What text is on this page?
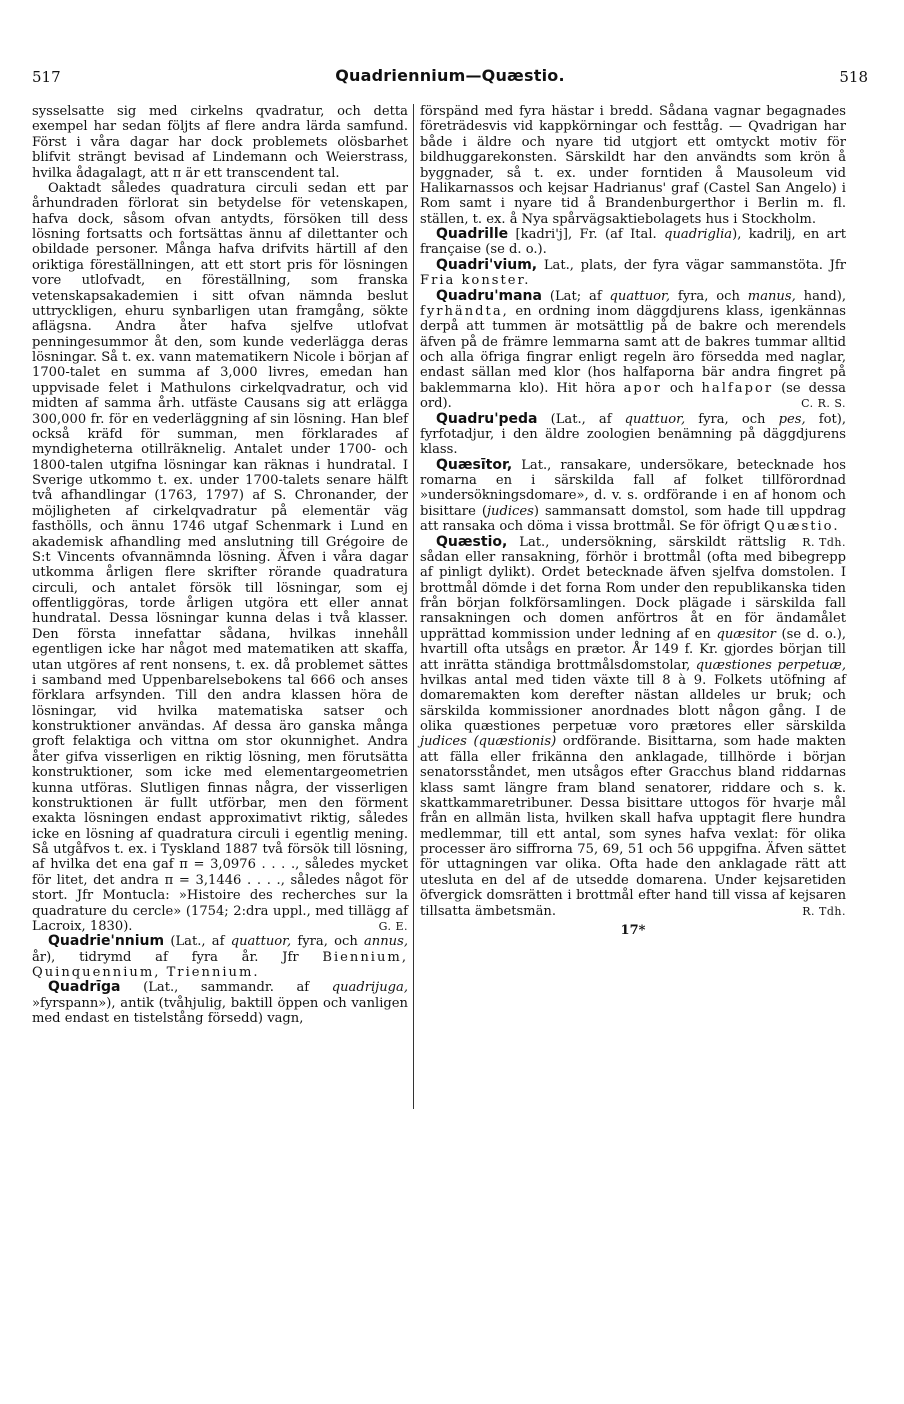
517	Quadriennium—Quæstio.	518

sysselsatte sig med cirkelns qvadratur, och detta exempel har sedan följts af flere andra lärda samfund. Först i våra dagar har dock problemets olösbarhet blifvit strängt bevisad af Lindemann och Weierstrass, hvilka ådagalagt, att π är ett transcendent tal.

Oaktadt således quadratura circuli sedan ett par århundraden förlorat sin betydelse för vetenskapen, hafva dock, såsom ofvan antydts, försöken till dess lösning fortsatts och fortsättas ännu af dilettanter och obildade personer. Många hafva drifvits härtill af den oriktiga föreställningen, att ett stort pris för lösningen vore utlofvadt, en föreställning, som franska vetenskapsakademien i sitt ofvan nämnda beslut uttryckligen, ehuru synbarligen utan framgång, sökte aflägsna. Andra åter hafva sjelfve utlofvat penningesummor åt den, som kunde vederlägga deras lösningar. Så t. ex. vann matematikern Nicole i början af 1700-talet en summa af 3,000 livres, emedan han uppvisade felet i Mathulons cirkelqvadratur, och vid midten af samma årh. utfäste Causans sig att erlägga 300,000 fr. för en vederläggning af sin lösning. Han blef också kräfd för summan, men förklarades af myndigheterna otillräknelig. Antalet under 1700- och 1800-talen utgifna lösningar kan räknas i hundratal. I Sverige utkommo t. ex. under 1700-talets senare hälft två afhandlingar (1763, 1797) af S. Chronander, der möjligheten af cirkelqvadratur på elementär väg fasthölls, och ännu 1746 utgaf Schenmark i Lund en akademisk afhandling med anslutning till Grégoire de S:t Vincents ofvannämnda lösning. Äfven i våra dagar utkomma årligen flere skrifter rörande quadratura circuli, och antalet försök till lösningar, som ej offentliggöras, torde årligen utgöra ett eller annat hundratal. Dessa lösningar kunna delas i två klasser. Den första innefattar sådana, hvilkas innehåll egentligen icke har något med matematiken att skaffa, utan utgöres af rent nonsens, t. ex. då problemet sättes i samband med Uppenbarelsebokens tal 666 och anses förklara arfsynden. Till den andra klassen höra de lösningar, vid hvilka matematiska satser och konstruktioner användas. Af dessa äro ganska många groft felaktiga och vittna om stor okunnighet. Andra åter gifva visserligen en riktig lösning, men förutsätta konstruktioner, som icke med elementargeometrien kunna utföras. Slutligen finnas några, der visserligen konstruktionen är fullt utförbar, men den förment exakta lösningen endast approximativt riktig, således icke en lösning af quadratura circuli i egentlig mening. Så utgåfvos t. ex. i Tyskland 1887 två försök till lösning, af hvilka det ena gaf π = 3,0976 . . . ., således mycket för litet, det andra π = 3,1446 . . . ., således något för stort. Jfr Montucla: »Histoire des recherches sur la quadrature du cercle» (1754; 2:dra uppl., med tillägg af Lacroix, 1830).	G. E.

Quadrie'nnium (Lat., af quattuor, fyra, och annus, år), tidrymd af fyra år. Jfr Biennium, Quinquennium, Triennium.

Quadrīga (Lat., sammandr. af quadrijuga, »fyrspann»), antik (tvåhjulig, baktill öppen och vanligen med endast en tistelstång försedd) vagn,

förspänd med fyra hästar i bredd. Sådana vagnar begagnades företrädesvis vid kappkörningar och festtåg. — Qvadrigan har både i äldre och nyare tid utgjort ett omtyckt motiv för bildhuggarekonsten. Särskildt har den användts som krön å byggnader, så t. ex. under forntiden å Mausoleum vid Halikarnassos och kejsar Hadrianus' graf (Castel San Angelo) i Rom samt i nyare tid å Brandenburgerthor i Berlin m. fl. ställen, t. ex. å Nya spårvägsaktiebolagets hus i Stockholm.

Quadrille [kadri'j], Fr. (af Ital. quadriglia), kadrilj, en art française (se d. o.).

Quadri'vium, Lat., plats, der fyra vägar sammanstöta. Jfr Fria konster.

Quadru'mana (Lat; af quattuor, fyra, och manus, hand), fyrhändta, en ordning inom däggdjurens klass, igenkännas derpå att tummen är motsättlig på de bakre och merendels äfven på de främre lemmarna samt att de bakres tummar alltid och alla öfriga fingrar enligt regeln äro försedda med naglar, endast sällan med klor (hos halfaporna bär andra fingret på baklemmarna klo). Hit höra apor och halfapor (se dessa ord).	C. R. S.

Quadru'peda (Lat., af quattuor, fyra, och pes, fot), fyrfotadjur, i den äldre zoologien benämning på däggdjurens klass.

Quæsītor, Lat., ransakare, undersökare, betecknade hos romarna en i särskilda fall af folket tillförordnad »undersökningsdomare», d. v. s. ordförande i en af honom och bisittare (judices) sammansatt domstol, som hade till uppdrag att ransaka och döma i vissa brottmål. Se för öfrigt Quæstio.
R. Tdh.

Quæstio, Lat., undersökning, särskildt rättslig sådan eller ransakning, förhör i brottmål (ofta med bibegrepp af pinligt dylikt). Ordet betecknade äfven sjelfva domstolen. I brottmål dömde i det forna Rom under den republikanska tiden från början folkförsamlingen. Dock plägade i särskilda fall ransakningen och domen anförtros åt en för ändamålet upprättad kommission under ledning af en quæsitor (se d. o.), hvartill ofta utsågs en prætor. År 149 f. Kr. gjordes början till att inrätta ständiga brottmålsdomstolar, quæstiones perpetuæ, hvilkas antal med tiden växte till 8 à 9. Folkets utöfning af domaremakten kom derefter nästan alldeles ur bruk; och särskilda kommissioner anordnades blott någon gång. I de olika quæstiones perpetuæ voro prætores eller särskilda judices (quæstionis) ordförande. Bisittarna, som hade makten att fälla eller frikänna den anklagade, tillhörde i början senatorsståndet, men utsågos efter Gracchus bland riddarnas klass samt längre fram bland senatorer, riddare och s. k. skattkammaretribuner. Dessa bisittare uttogos för hvarje mål från en allmän lista, hvilken skall hafva upptagit flere hundra medlemmar, till ett antal, som synes hafva vexlat: för olika processer äro siffrorna 75, 69, 51 och 56 uppgifna. Äfven sättet för uttagningen var olika. Ofta hade den anklagade rätt att utesluta en del af de utsedde domarena. Under kejsaretiden öfvergick domsrätten i brottmål efter hand till vissa af kejsaren tillsatta ämbetsmän.	R. Tdh.

17*
